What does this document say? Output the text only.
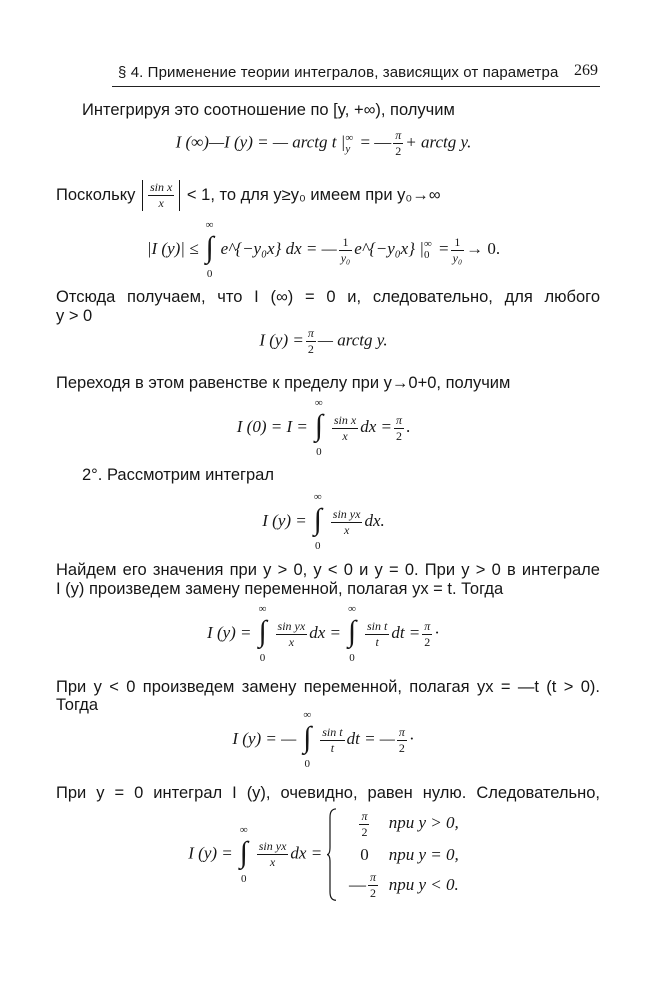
§ 4. Применение теории интегралов, зависящих от параметра 269
Интегрируя это соотношение по [y, +∞), получим
I (∞)—I (y) = — arctg t |∞
y = — $\frac{\pi}{2}$ + arctg y.
Поскольку $\frac{\text{sin x}}{x} < 1$, то для y≥y₀ имеем при y₀→∞
|I (y)| ≤
∞
∫
0
e^{−y₀x} dx = — $\frac{1}{\text{y₀}}$ e^{−y₀x} |∞
$0 = \frac{1}{\text{y₀}} \to 0$.
Отсюда получаем, что I (∞) = 0 и, следовательно, для любого
y > 0
I $(y) = \frac{\pi}{2}$ — arctg y.
Переходя в этом равенстве к пределу при y→0+0, получим
I (0) = I =
∞
∫
0
$\frac{\text{sin x}}{x}$ dx = $\frac{\pi}{2}$ .
2°. Рассмотрим интеграл
I (y) =
∞
∫
0
$\frac{\text{sin yx}}{x}$ dx.
Найдем его значения при y > 0, y < 0 и y = 0. При y > 0 в интеграле
I (y) произведем замену переменной, полагая yx = t. Тогда
I (y) =
∞
∫
0
$\frac{\text{sin yx}}{x}$ dx =
∞
∫
0
$\frac{\text{sin t}}{t}$ dt = $\frac{\pi}{2}$ ·
При y < 0 произведем замену переменной, полагая yx = —t (t > 0).
Тогда
I (y) = —
∞
∫
0
$\frac{\text{sin t}}{t}$ dt = — $\frac{\pi}{2}$ ·
При y = 0 интеграл I (y), очевидно, равен нулю. Следовательно,
I (y) =
∞
∫
0
$\frac{\text{sin yx}}{x}$ dx =
$\frac{\pi}{2}$ при y > 0,
0 при y = 0,
— $\frac{\pi}{2}$ при y < 0.
